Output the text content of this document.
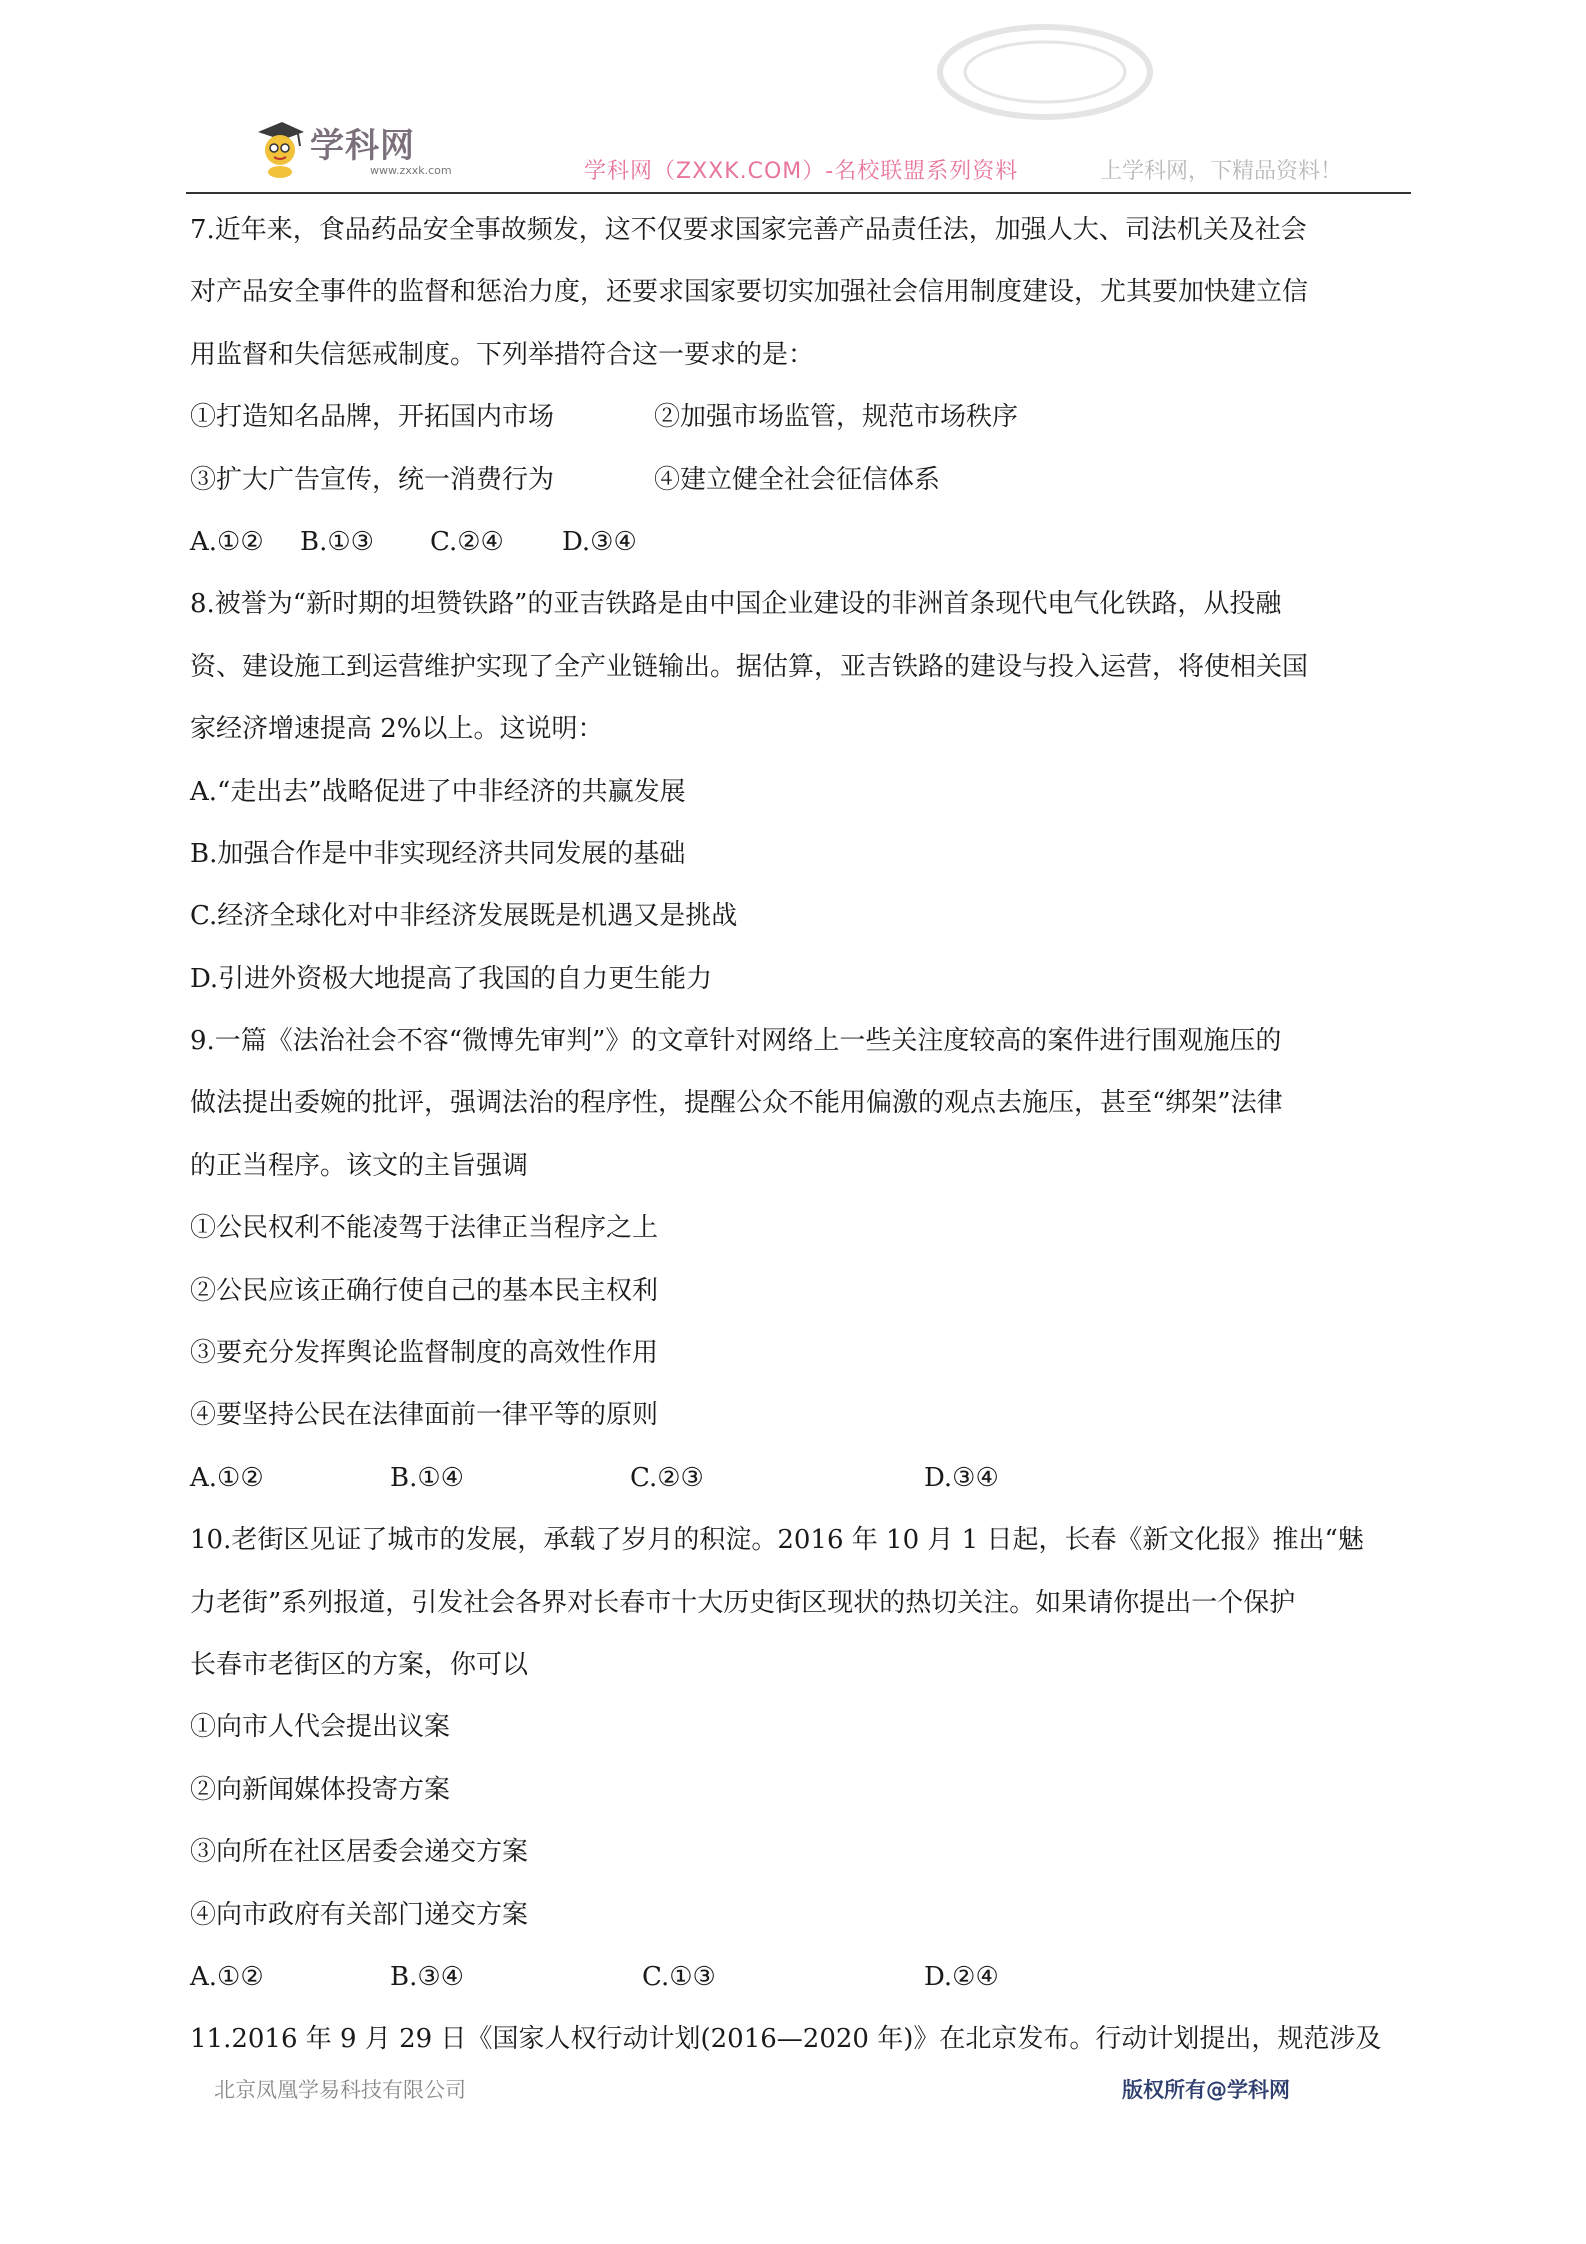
学科网
www.zxxk.com	学科网（ZXXK.COM）-名校联盟系列资料	上学科网，下精品资料！
7.近年来，食品药品安全事故频发，这不仅要求国家完善产品责任法，加强人大、司法机关及社会
对产品安全事件的监督和惩治力度，还要求国家要切实加强社会信用制度建设，尤其要加快建立信
用监督和失信惩戒制度。下列举措符合这一要求的是：
①打造知名品牌，开拓国内市场	②加强市场监管，规范市场秩序
③扩大广告宣传，统一消费行为	④建立健全社会征信体系
A.①② B.①③ C.②④ D.③④
8.被誉为“新时期的坦赞铁路”的亚吉铁路是由中国企业建设的非洲首条现代电气化铁路，从投融
资、建设施工到运营维护实现了全产业链输出。据估算，亚吉铁路的建设与投入运营，将使相关国
家经济增速提高 2%以上。这说明：
A.“走出去”战略促进了中非经济的共赢发展
B.加强合作是中非实现经济共同发展的基础
C.经济全球化对中非经济发展既是机遇又是挑战
D.引进外资极大地提高了我国的自力更生能力
9.一篇《法治社会不容“微博先审判”》的文章针对网络上一些关注度较高的案件进行围观施压的
做法提出委婉的批评，强调法治的程序性，提醒公众不能用偏激的观点去施压，甚至“绑架”法律
的正当程序。该文的主旨强调
①公民权利不能凌驾于法律正当程序之上
②公民应该正确行使自己的基本民主权利
③要充分发挥舆论监督制度的高效性作用
④要坚持公民在法律面前一律平等的原则
A.①②	B.①④	C.②③	D.③④
10.老街区见证了城市的发展，承载了岁月的积淀。2016 年 10 月 1 日起，长春《新文化报》推出“魅
力老街”系列报道，引发社会各界对长春市十大历史街区现状的热切关注。如果请你提出一个保护
长春市老街区的方案，你可以
①向市人代会提出议案
②向新闻媒体投寄方案
③向所在社区居委会递交方案
④向市政府有关部门递交方案
A.①②	B.③④	C.①③	D.②④
11.2016 年 9 月 29 日《国家人权行动计划(2016—2020 年)》在北京发布。行动计划提出，规范涉及
北京凤凰学易科技有限公司	版权所有@学科网
